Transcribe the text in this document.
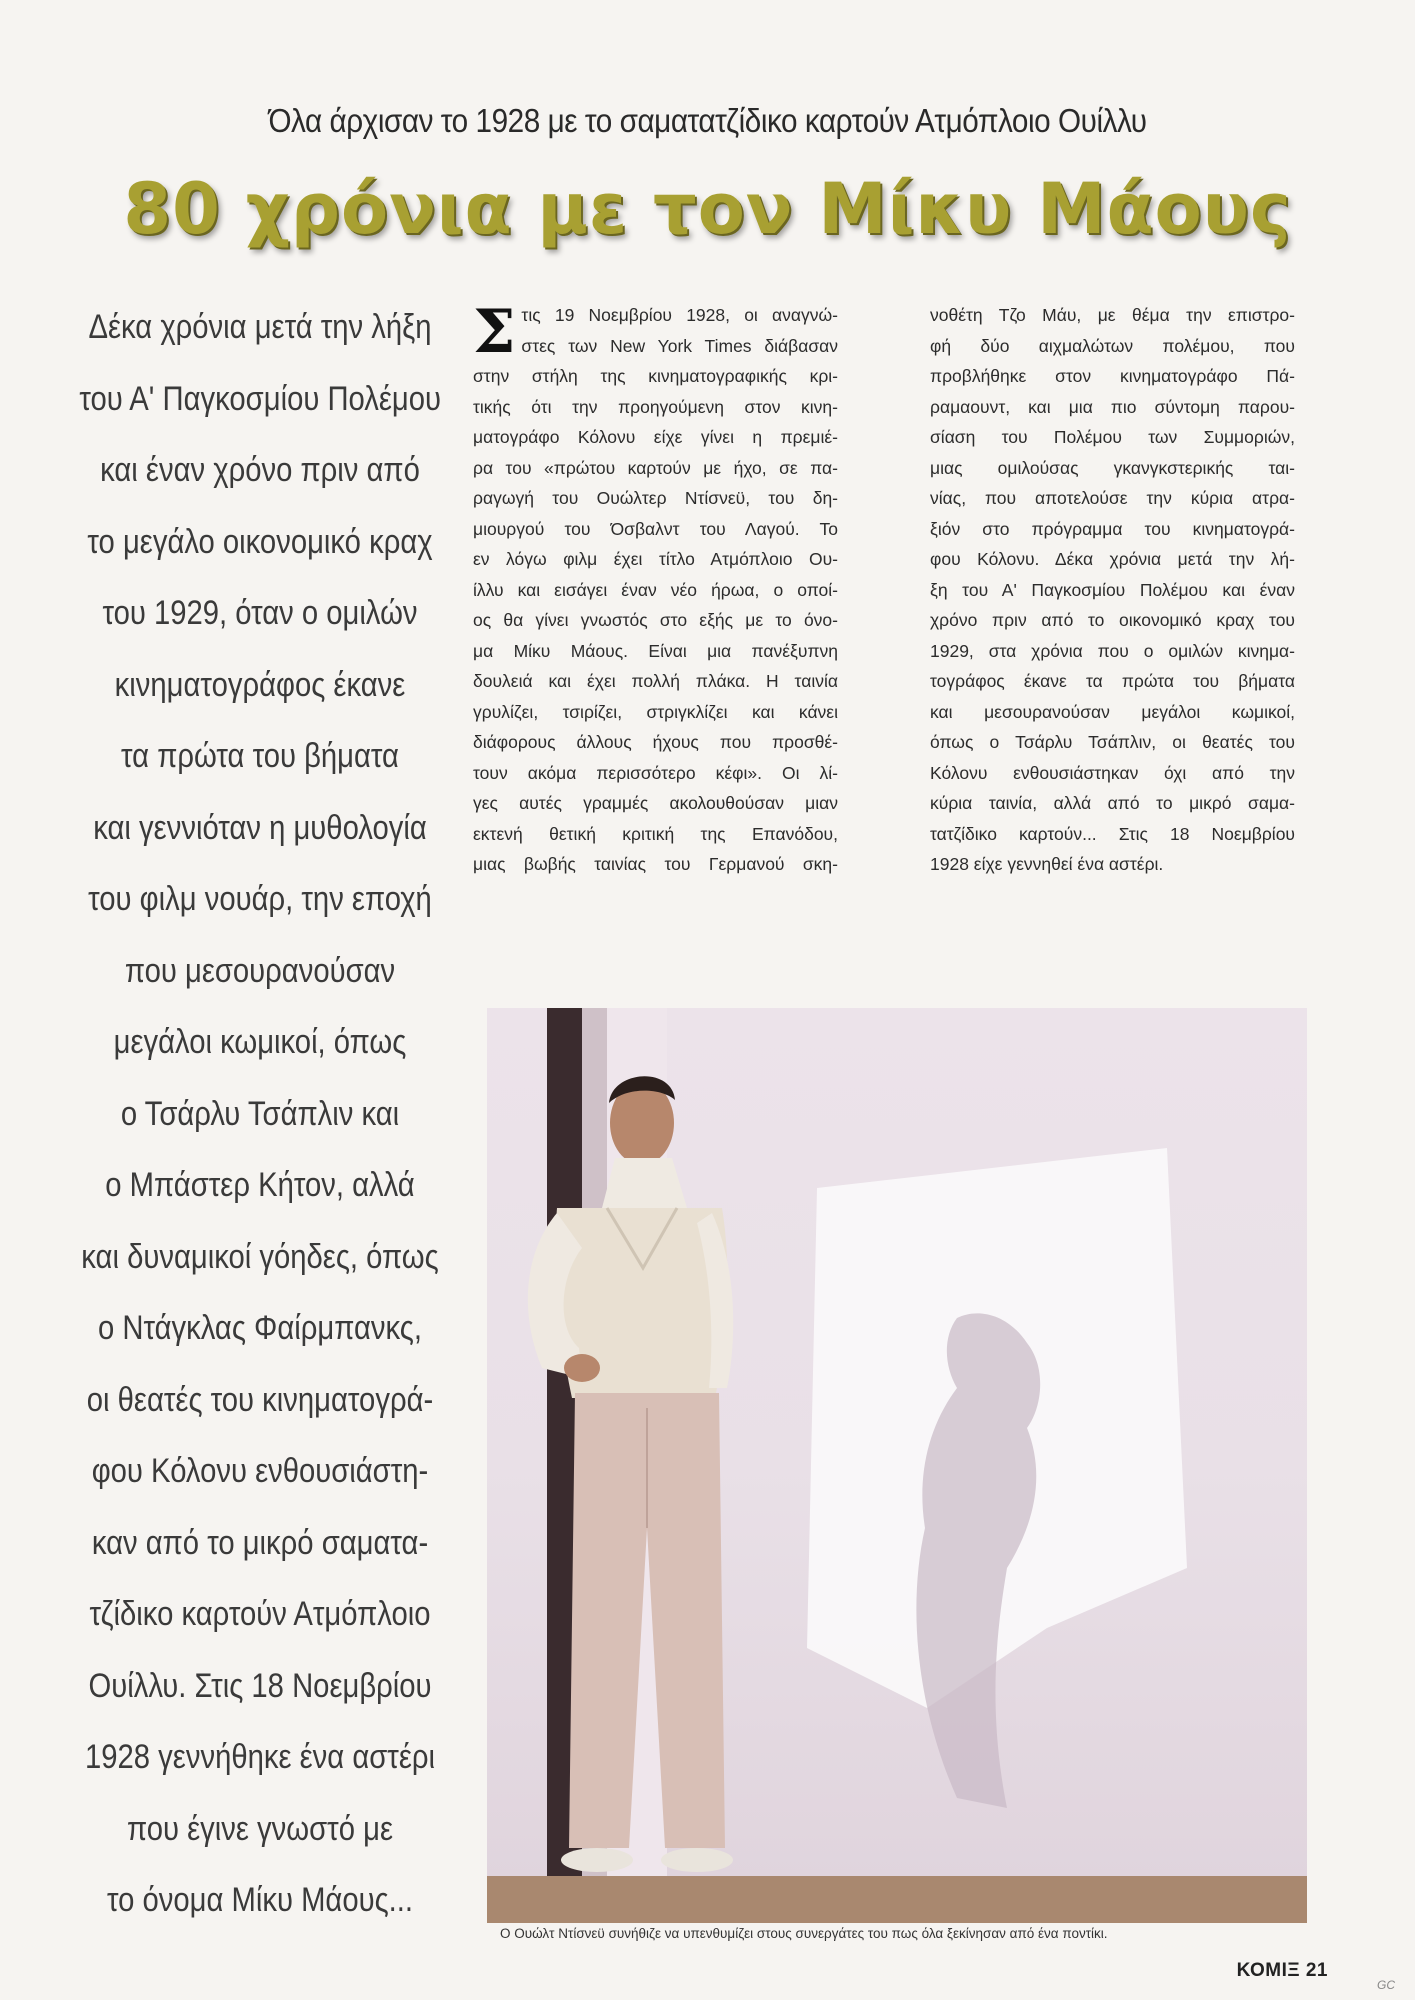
Όλα άρχισαν το 1928 με το σαματατζίδικο καρτούν Ατμόπλοιο Ουίλλυ
80 χρόνια με τον Μίκυ Μάους
Δέκα χρόνια μετά την λήξη
του Α' Παγκοσμίου Πολέμου
και έναν χρόνο πριν από
το μεγάλο οικονομικό κραχ
του 1929, όταν ο ομιλών
κινηματογράφος έκανε
τα πρώτα του βήματα
και γεννιόταν η μυθολογία
του φιλμ νουάρ, την εποχή
που μεσουρανούσαν
μεγάλοι κωμικοί, όπως
ο Τσάρλυ Τσάπλιν και
ο Μπάστερ Κήτον, αλλά
και δυναμικοί γόηδες, όπως
ο Ντάγκλας Φαίρμπανκς,
οι θεατές του κινηματογρά-
φου Κόλονυ ενθουσιάστη-
καν από το μικρό σαματα-
τζίδικο καρτούν Ατμόπλοιο
Ουίλλυ. Στις 18 Νοεμβρίου
1928 γεννήθηκε ένα αστέρι
που έγινε γνωστό με
το όνομα Μίκυ Μάους...
Σ τις 19 Νοεμβρίου 1928, οι αναγνώ-
στες των New York Times διάβασαν
στην στήλη της κινηματογραφικής κρι-
τικής ότι την προηγούμενη στον κινη-
ματογράφο Κόλονυ είχε γίνει η πρεμιέ-
ρα του «πρώτου καρτούν με ήχο, σε πα-
ραγωγή του Ουώλτερ Ντίσνεϋ, του δη-
μιουργού του Όσβαλντ του Λαγού. Το
εν λόγω φιλμ έχει τίτλο Ατμόπλοιο Ου-
ίλλυ και εισάγει έναν νέο ήρωα, ο οποί-
ος θα γίνει γνωστός στο εξής με το όνο-
μα Μίκυ Μάους. Είναι μια πανέξυπνη
δουλειά και έχει πολλή πλάκα. Η ταινία
γρυλίζει, τσιρίζει, στριγκλίζει και κάνει
διάφορους άλλους ήχους που προσθέ-
τουν ακόμα περισσότερο κέφι». Οι λί-
γες αυτές γραμμές ακολουθούσαν μιαν
εκτενή θετική κριτική της Επανόδου,
μιας βωβής ταινίας του Γερμανού σκη-
νοθέτη Τζο Μάυ, με θέμα την επιστρο-
φή δύο αιχμαλώτων πολέμου, που
προβλήθηκε στον κινηματογράφο Πά-
ραμαουντ, και μια πιο σύντομη παρου-
σίαση του Πολέμου των Συμμοριών,
μιας ομιλούσας γκανγκστερικής ται-
νίας, που αποτελούσε την κύρια ατρα-
ξιόν στο πρόγραμμα του κινηματογρά-
φου Κόλονυ. Δέκα χρόνια μετά την λή-
ξη του Α' Παγκοσμίου Πολέμου και έναν
χρόνο πριν από το οικονομικό κραχ του
1929, στα χρόνια που ο ομιλών κινημα-
τογράφος έκανε τα πρώτα του βήματα
και μεσουρανούσαν μεγάλοι κωμικοί,
όπως ο Τσάρλυ Τσάπλιν, οι θεατές του
Κόλονυ ενθουσιάστηκαν όχι από την
κύρια ταινία, αλλά από το μικρό σαμα-
τατζίδικο καρτούν... Στις 18 Νοεμβρίου
1928 είχε γεννηθεί ένα αστέρι.
Ο Ουώλτ Ντίσνεϋ συνήθιζε να υπενθυμίζει στους συνεργάτες του πως όλα ξεκίνησαν από ένα ποντίκι.
ΚΟΜΙΞ 21
GC
